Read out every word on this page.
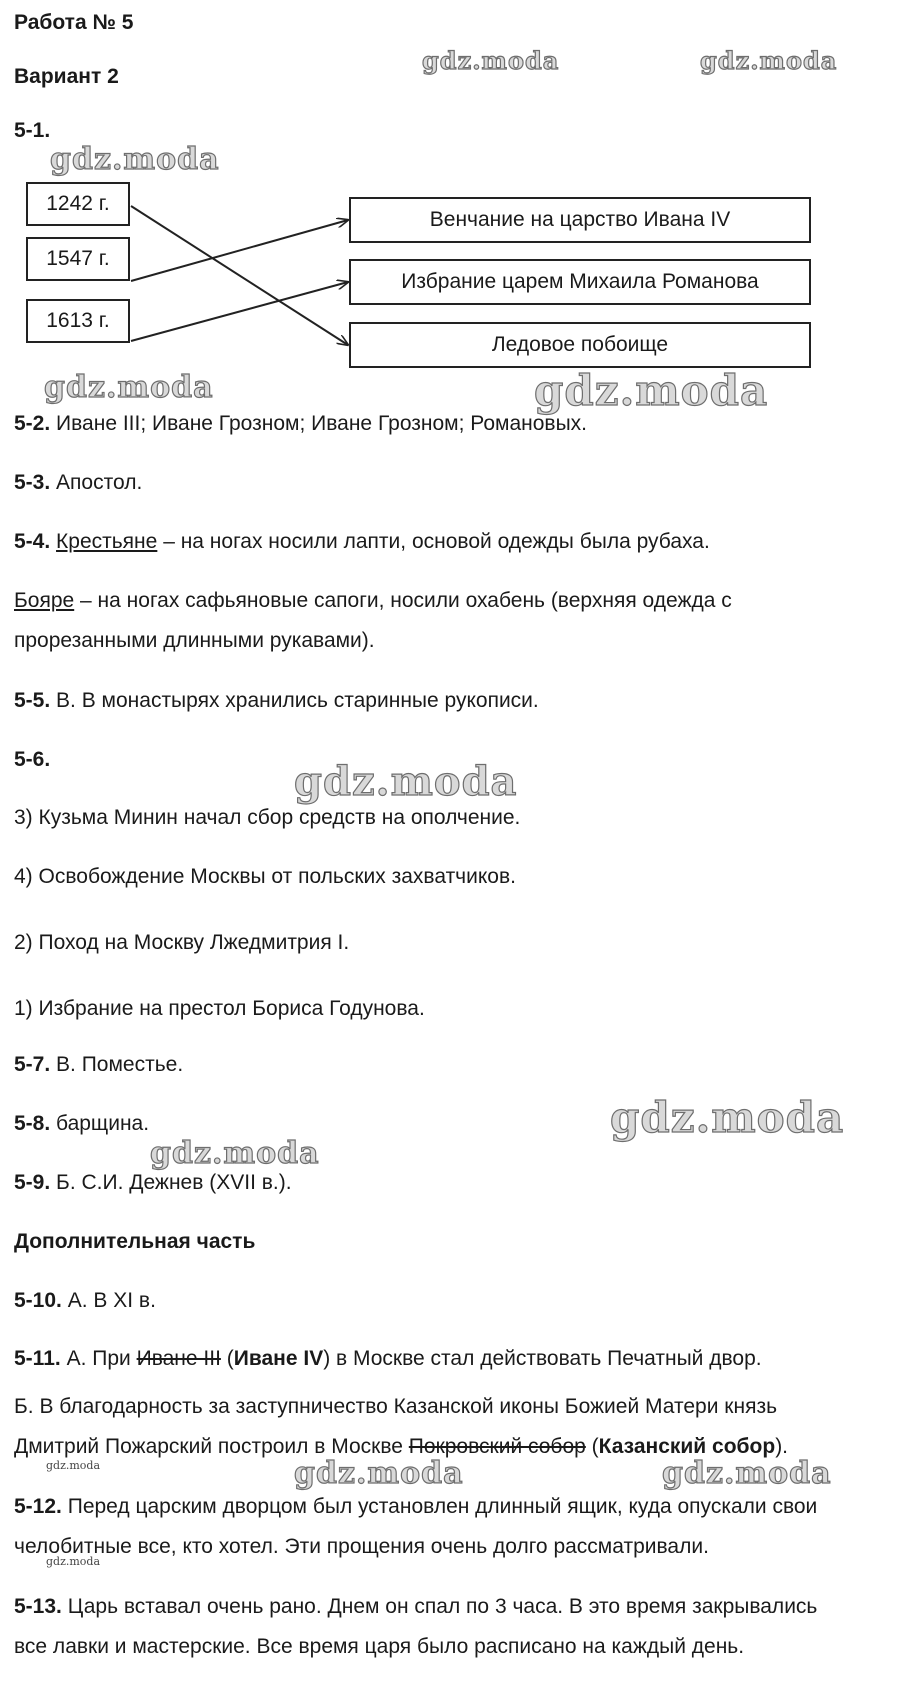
Работа № 5
Вариант 2
5-1.
1242 г.
1547 г.
1613 г.
Венчание на царство Ивана IV
Избрание царем Михаила Романова
Ледовое побоище
5-2. Иване III; Иване Грозном; Иване Грозном; Романовых.
5-3. Апостол.
5-4. Крестьяне – на ногах носили лапти, основой одежды была рубаха.
Бояре – на ногах сафьяновые сапоги, носили охабень (верхняя одежда с
прорезанными длинными рукавами).
5-5. В. В монастырях хранились старинные рукописи.
5-6.
3) Кузьма Минин начал сбор средств на ополчение.
4) Освобождение Москвы от польских захватчиков.
2) Поход на Москву Лжедмитрия I.
1) Избрание на престол Бориса Годунова.
5-7. В. Поместье.
5-8. барщина.
5-9. Б. С.И. Дежнев (XVII в.).
Дополнительная часть
5-10. А. В XI в.
5-11. А. При Иване III (Иване IV) в Москве стал действовать Печатный двор.
Б. В благодарность за заступничество Казанской иконы Божией Матери князь
Дмитрий Пожарский построил в Москве Покровский собор (Казанский собор).
5-12. Перед царским дворцом был установлен длинный ящик, куда опускали свои
челобитные все, кто хотел. Эти прощения очень долго рассматривали.
5-13. Царь вставал очень рано. Днем он спал по 3 часа. В это время закрывались
все лавки и мастерские. Все время царя было расписано на каждый день.
gdz.moda	gdz.moda
gdz.moda
gdz.moda	gdz.moda
gdz.moda
gdz.moda
gdz.moda
gdz.moda	gdz.moda
gdz.moda
gdz.moda
